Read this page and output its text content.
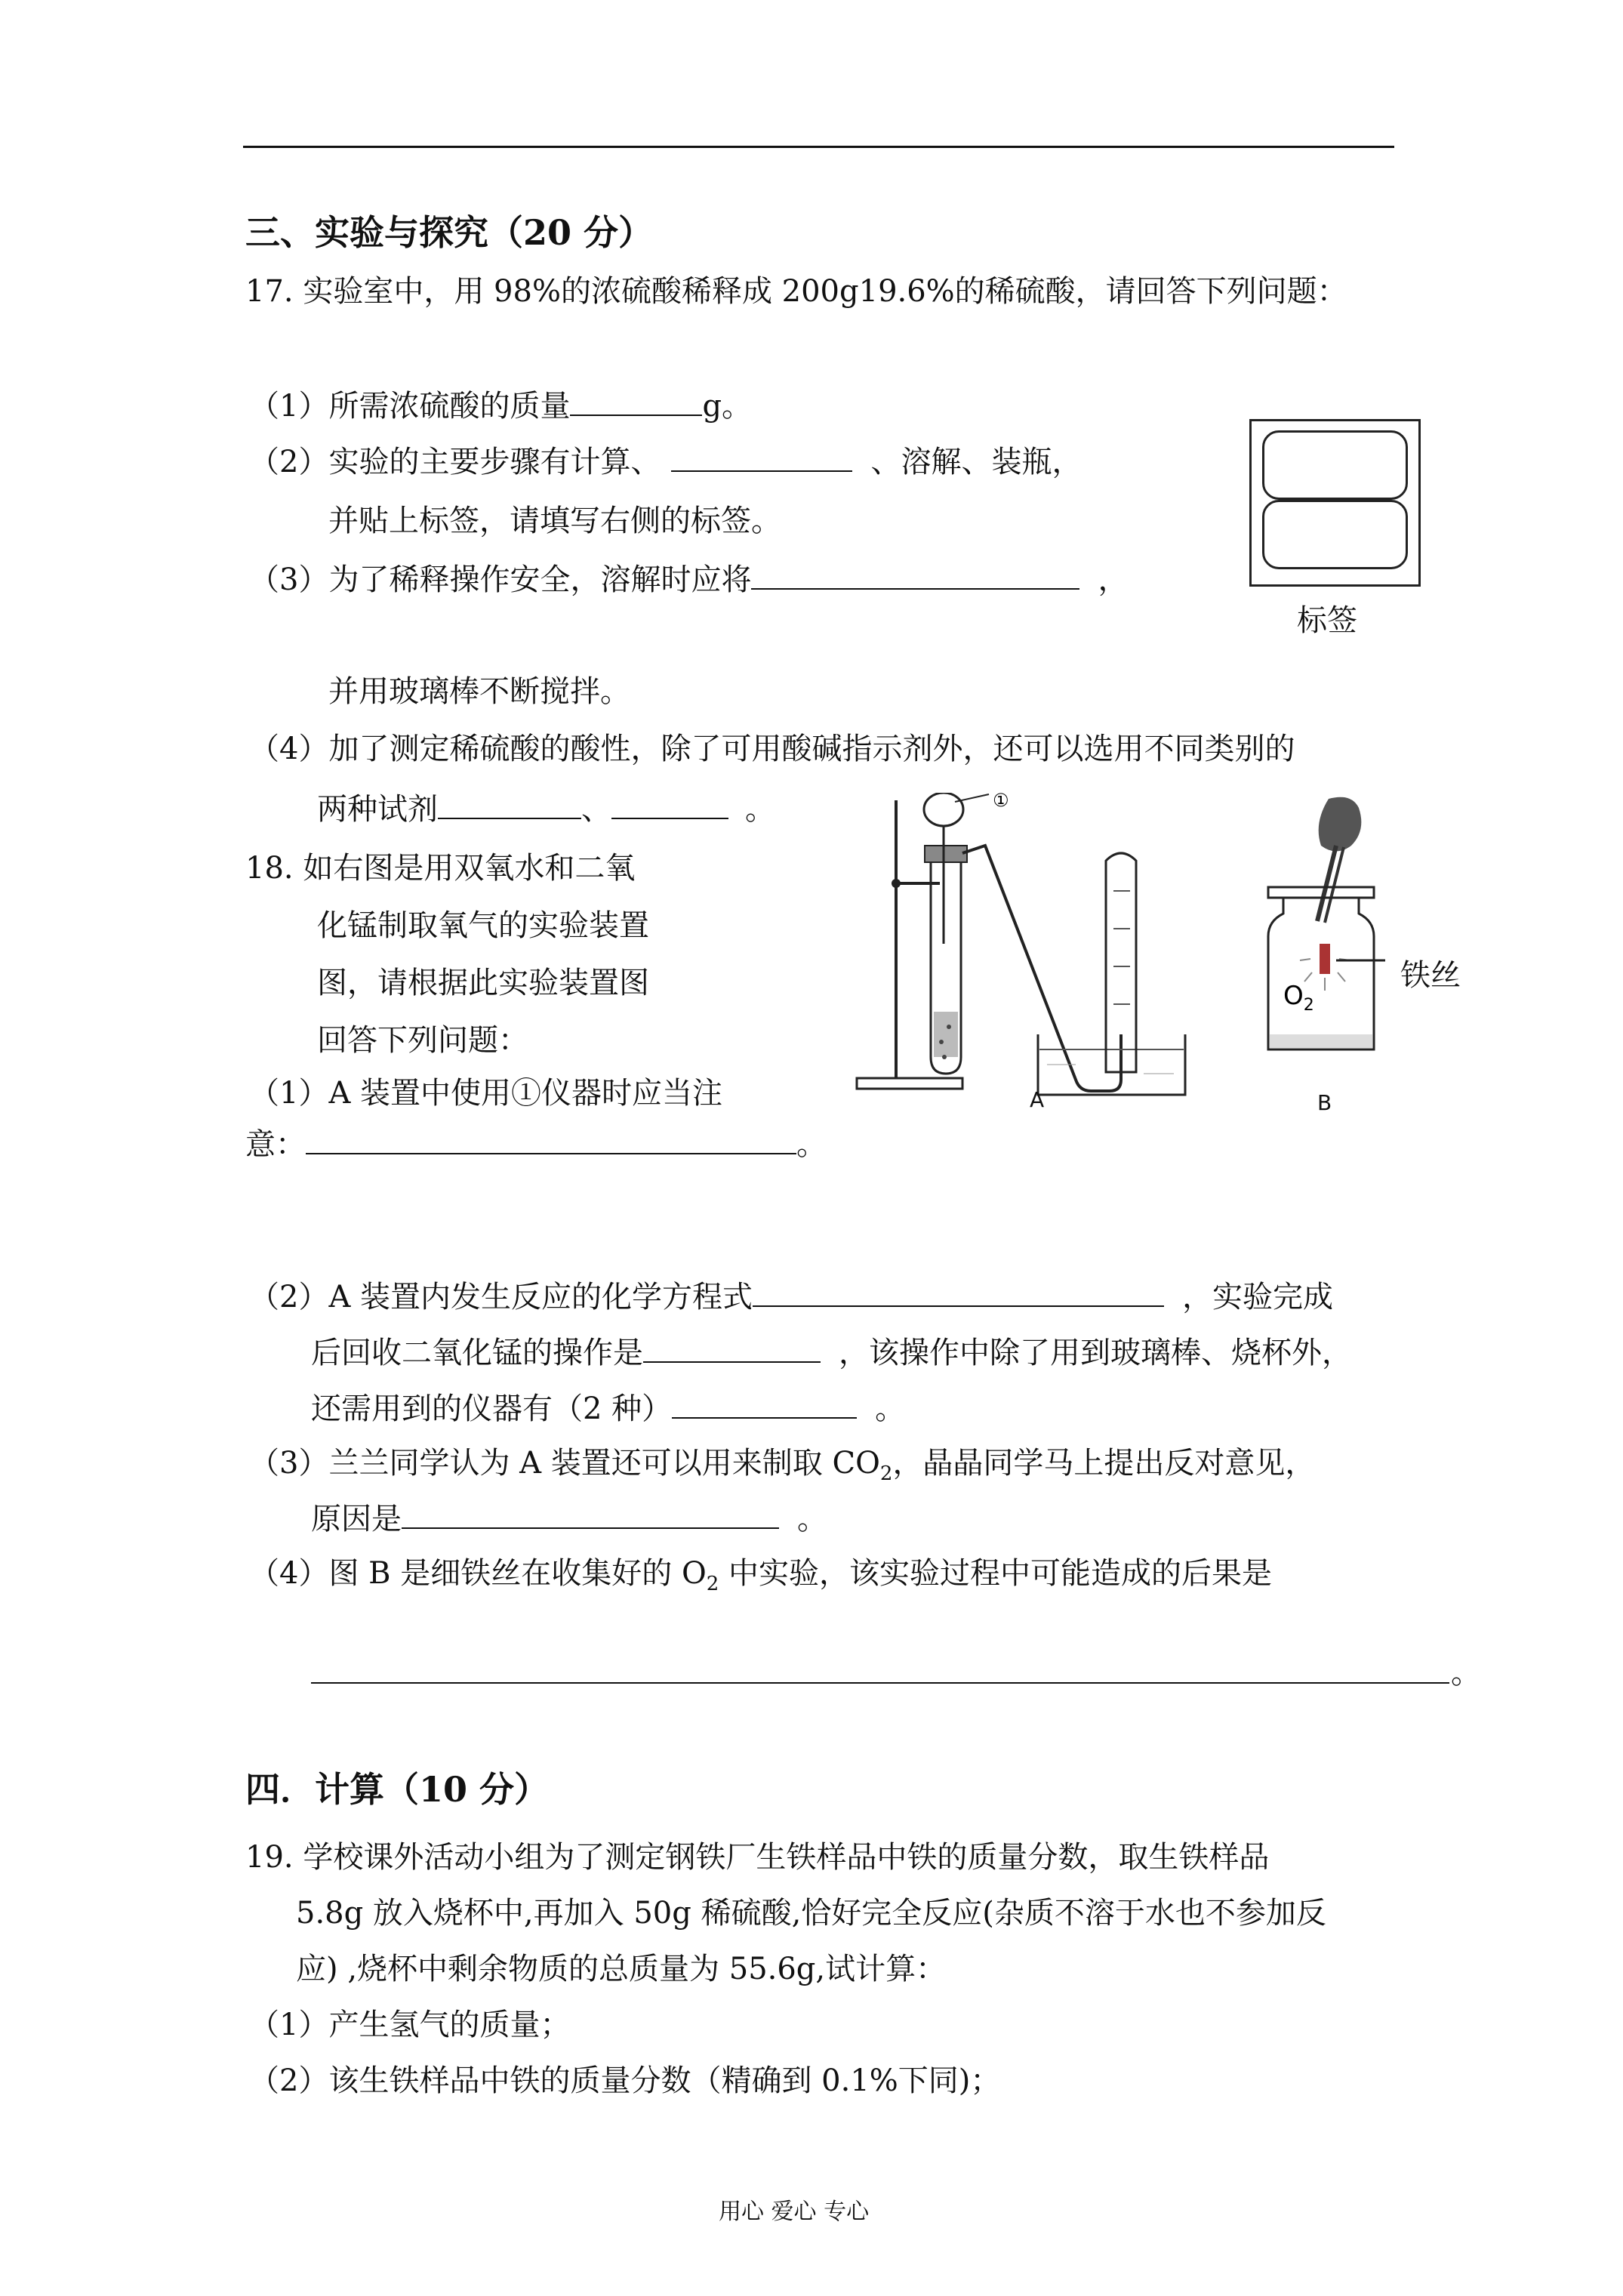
三、实验与探究（20 分）
17. 实验室中，用 98%的浓硫酸稀释成 200g19.6%的稀硫酸，请回答下列问题：
（1）所需浓硫酸的质量	g。
（2）实验的主要步骤有计算、	、溶解、装瓶，
并贴上标签，请填写右侧的标签。
（3）为了稀释操作安全，溶解时应将	，
并用玻璃棒不断搅拌。
（4）加了测定稀硫酸的酸性，除了可用酸碱指示剂外，还可以选用不同类别的
两种试剂	、	。
标签
18. 如右图是用双氧水和二氧
化锰制取氧气的实验装置
图，请根据此实验装置图
回答下列问题：
（1）A 装置中使用①仪器时应当注
意：	。
①
A
$O_2$
铁丝
B
（2）A 装置内发生反应的化学方程式	，实验完成
后回收二氧化锰的操作是	，该操作中除了用到玻璃棒、烧杯外，
还需用到的仪器有（2 种）	。
（3）兰兰同学认为 A 装置还可以用来制取 $CO_2$，晶晶同学马上提出反对意见，
原因是	。
（4）图 B 是细铁丝在收集好的 $O_2$ 中实验，该实验过程中可能造成的后果是
。
四．计算（10 分）
19. 学校课外活动小组为了测定钢铁厂生铁样品中铁的质量分数，取生铁样品
5.8g 放入烧杯中,再加入 50g 稀硫酸,恰好完全反应(杂质不溶于水也不参加反
应) ,烧杯中剩余物质的总质量为 55.6g,试计算：
（1）产生氢气的质量；
（2）该生铁样品中铁的质量分数（精确到 0.1%下同)；
用心 爱心 专心
